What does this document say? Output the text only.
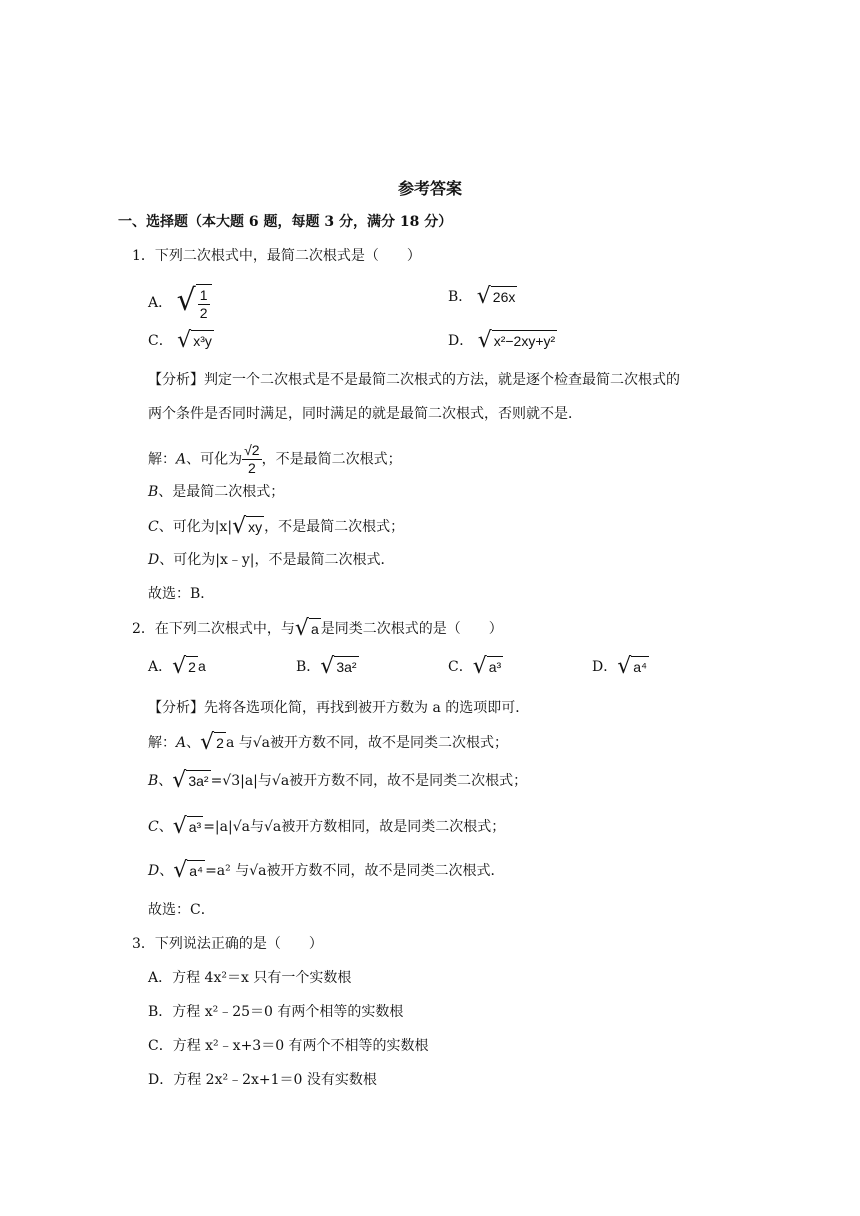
参考答案
一、选择题（本大题 6 题，每题 3 分，满分 18 分）
1．下列二次根式中，最简二次根式是（　　）
A． √ $\frac{1}{2}$	B． √ 26x
C． √ x³y	D． √ x²−2xy+y²
【分析】判定一个二次根式是不是最简二次根式的方法，就是逐个检查最简二次根式的
两个条件是否同时满足，同时满足的就是最简二次根式，否则就不是．
解：A、可化为 $\frac{√2}{2}$ ，不是最简二次根式；
B、是最简二次根式；
C、可化为|x| √ xy ，不是最简二次根式；
D、可化为|x﹣y|，不是最简二次根式．
故选：B．
2．在下列二次根式中，与 √ a 是同类二次根式的是（　　）
A． √ 2 a	B． √ 3a²	C． √ a³	D． √ a⁴
【分析】先将各选项化简，再找到被开方数为 a 的选项即可．
解：A、 √ 2 a 与√a被开方数不同，故不是同类二次根式；
B、 √ 3a² =√3|a|与√a被开方数不同，故不是同类二次根式；
C、 √ a³ =|a|√a与√a被开方数相同，故是同类二次根式；
D、 √ a⁴ =a² 与√a被开方数不同，故不是同类二次根式．
故选：C．
3．下列说法正确的是（　　）
A．方程 4x²＝x 只有一个实数根
B．方程 x²﹣25＝0 有两个相等的实数根
C．方程 x²﹣x+3＝0 有两个不相等的实数根
D．方程 2x²﹣2x+1＝0 没有实数根
